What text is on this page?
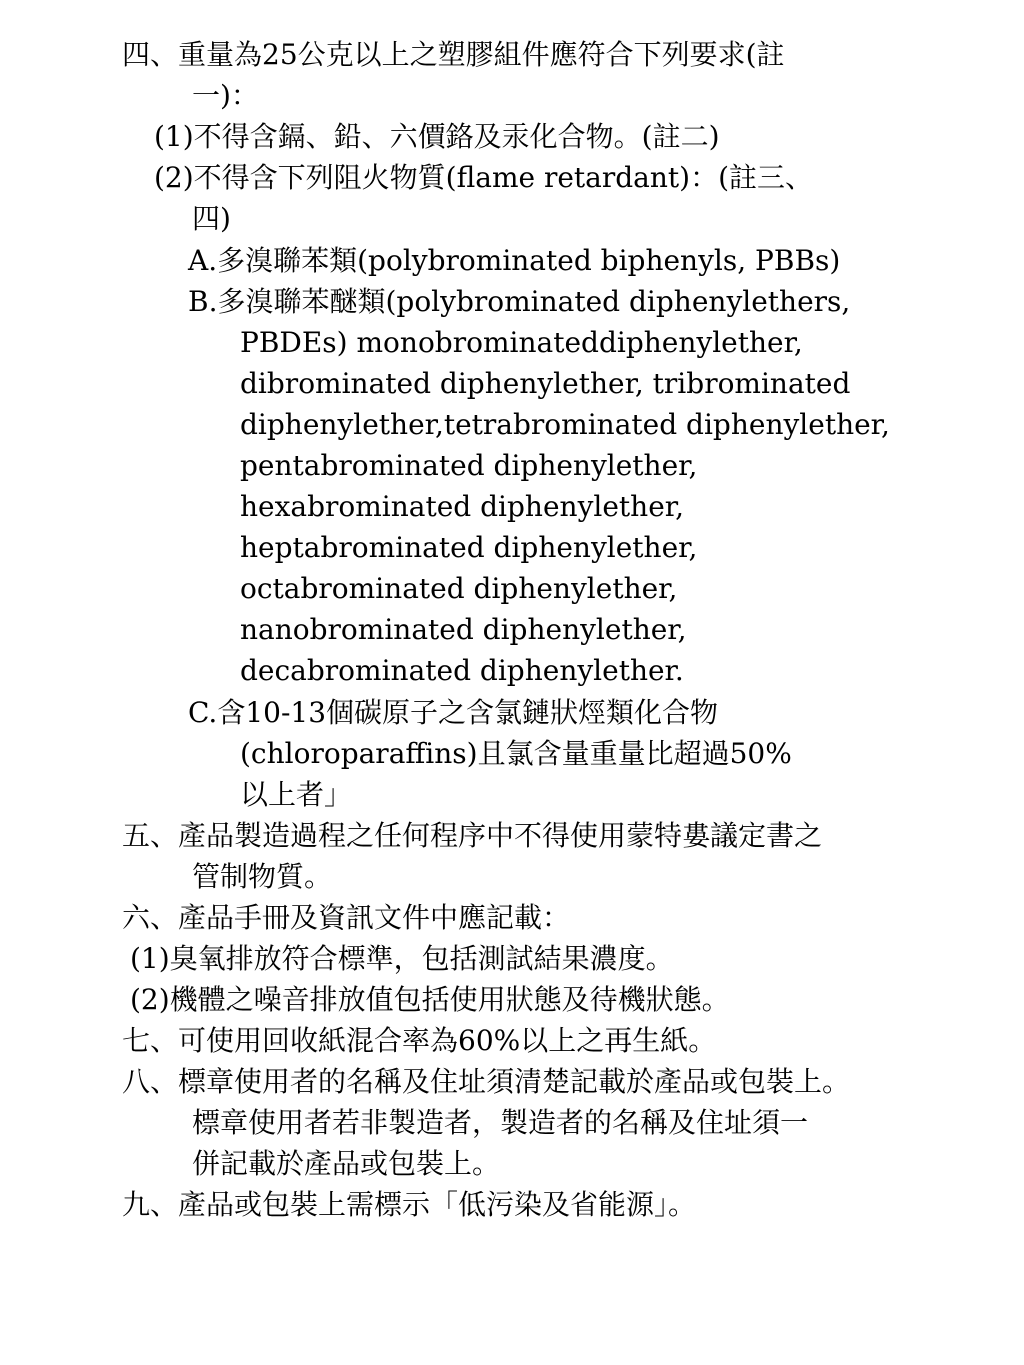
四、重量為25公克以上之塑膠組件應符合下列要求(註
一)：
(1)不得含鎘、鉛、六價鉻及汞化合物。(註二)
(2)不得含下列阻火物質(flame retardant)：(註三、
四)
A.多溴聯苯類(polybrominated biphenyls, PBBs)
B.多溴聯苯醚類(polybrominated diphenylethers,
PBDEs) monobrominateddiphenylether,
dibrominated diphenylether, tribrominated
diphenylether,tetrabrominated diphenylether,
pentabrominated diphenylether,
hexabrominated diphenylether,
heptabrominated diphenylether,
octabrominated diphenylether,
nanobrominated diphenylether,
decabrominated diphenylether.
C.含10-13個碳原子之含氯鏈狀烴類化合物
(chloroparaffins)且氯含量重量比超過50%
以上者」
五、產品製造過程之任何程序中不得使用蒙特婁議定書之
管制物質。
六、產品手冊及資訊文件中應記載：
(1)臭氧排放符合標準，包括測試結果濃度。
(2)機體之噪音排放值包括使用狀態及待機狀態。
七、可使用回收紙混合率為60%以上之再生紙。
八、標章使用者的名稱及住址須清楚記載於產品或包裝上。
標章使用者若非製造者，製造者的名稱及住址須一
併記載於產品或包裝上。
九、產品或包裝上需標示「低污染及省能源」。
